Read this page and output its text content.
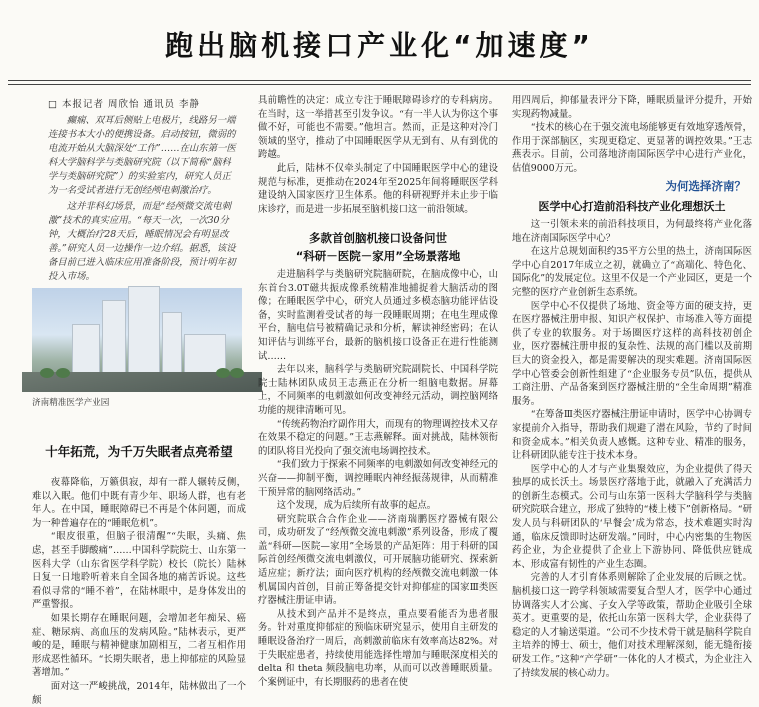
跑出脑机接口产业化“加速度”
□ 本报记者 周欣怡 通讯员 李静

癫痫、双耳后侧贴上电极片，线路另一端连接书本大小的便携设备。启动按钮，微弱的电流开始从大脑深处“工作”……在山东第一医科大学脑科学与类脑研究院（以下简称“脑科学与类脑研究院”）的实验室内，研究人员正为一名受试者进行无创经颅电刺激治疗。

这并非科幻场景，而是“经颅微交流电刺激”技术的真实应用。“每天一次，一次30分钟，大概治疗28天后，睡眠情况会有明显改善。”研究人员一边操作一边介绍。据悉，该设备目前已进入临床应用准备阶段，预计明年初投入市场。

济南精准医学产业园
十年拓荒，为千万失眠者点亮希望

夜幕降临，万籁俱寂，却有一群人辗转反侧，难以入眠。他们中既有青少年、职场人群，也有老年人。在中国，睡眠障碍已不再是个体问题，而成为一种普遍存在的“睡眠危机”。

“眼皮很重，但脑子很清醒”“失眠，头痛、焦虑，甚至手脚酸痛”……中国科学院院士、山东第一医科大学（山东省医学科学院）校长（院长）陆林日复一日地聆听着来自全国各地的痛苦诉说。这些看似寻常的“睡不着”，在陆林眼中，是身体发出的严重警报。

如果长期存在睡眠问题，会增加老年痴呆、癌症、糖尿病、高血压的发病风险。”陆林表示，更严峻的是，睡眠与精神健康加剧相互，二者互相作用形成恶性循环。“长期失眠者，患上抑郁症的风险显著增加。”

面对这一严峻挑战，2014年，陆林做出了一个颇

具前瞻性的决定：成立专注于睡眠障碍诊疗的专科病房。在当时，这一举措甚至引发争议。“有一半人认为你这个事做不好，可能也不需要。”他坦言。然而，正是这种对冷门领域的坚守，推动了中国睡眠医学从无到有、从有到优的跨越。

此后，陆林不仅牵头制定了中国睡眠医学中心的建设规范与标准，更推动在2024年至2025年间将睡眠医学科建设纳入国家医疗卫生体系。他的科研视野并未止步于临床诊疗，而是进一步拓展至脑机接口这一前沿领域。

多款首创脑机接口设备问世
“科研－医院－家用”全场景落地

走进脑科学与类脑研究院脑研院，在脑成像中心，山东首台3.0T磁共振成像系统精准地捕捉着大脑活动的图像；在睡眠医学中心，研究人员通过多模态脑功能评估设备，实时监测着受试者的每一段睡眠周期；在电生理成像平台，脑电信号被精确记录和分析，解读神经密码；在认知评估与训练平台，最新的脑机接口设备正在进行性能测试……

去年以来，脑科学与类脑研究院副院长、中国科学院院士陆林团队成员王志燕正在分析一组脑电数据。屏幕上，不同频率的电刺激如何改变神经元活动，调控脑网络功能的规律清晰可见。

“传统药物治疗副作用大，而现有的物理调控技术又存在效果不稳定的问题。”王志燕解释。面对挑战，陆林领衔的团队将目光投向了强交流电场调控技术。

“我们致力于探索不同频率的电刺激如何改变神经元的兴奋——抑制平衡，调控睡眠内神经振荡规律，从而精准干预异常的脑网络活动。”

这个发现，成为后续所有故事的起点。

研究院联合合作企业——济南瑞鹏医疗器械有限公司，成功研发了“经颅微交流电刺激”系列设备，形成了覆盖“科研—医院—家用”全场景的产品矩阵：用于科研的国际首创经颅微交流电刺激仪，可开展脑功能研究、探索新适应症；新疗法；面向医疗机构的经颅微交流电刺激一体机属国内首创，目前正筹备提交针对抑郁症的国家Ⅲ类医疗器械注册证申请。

从技术到产品并不是终点，重点要看能否为患者服务。针对重度抑郁症的预临床研究显示，使用自主研发的睡眠设备治疗一周后，高刺激前临床有效率高达82%。对于失眠症患者，持续使用能选择性增加与睡眠深度相关的delta 和 theta 频段脑电功率，从而可以改善睡眠质量。个案例证中，有长期服药的患者在使

用四周后，抑郁量表评分下降，睡眠质量评分提升，开始实现药物减量。

“技术的核心在于强交流电场能够更有效地穿透颅骨，作用于深部脑区，实现更稳定、更显著的调控效果。”王志燕表示。目前，公司落地济南国际医学中心进行产业化，估值9000万元。

为何选择济南？
医学中心打造前沿科技产业化理想沃土

这一引领未来的前沿科技项目，为何最终将产业化落地在济南国际医学中心？

在这片总规划面积约35平方公里的热土，济南国际医学中心自2017年成立之初，就确立了“高端化、特色化、国际化”的发展定位。这里不仅是一个产业园区，更是一个完整的医疗产业创新生态系统。

医学中心不仅提供了场地、资金等方面的硬支持，更在医疗器械注册申报、知识产权保护、市场准入等方面提供了专业的软服务。对于场圈医疗这样的高科技初创企业，医疗器械注册申报的复杂性、法规的高门槛以及前期巨大的资金投入，都是需要解决的现实难题。济南国际医学中心管委会创新性组建了“企业服务专员”队伍，提供从工商注册、产品备案到医疗器械注册的“全生命周期”精准服务。

“在筹备Ⅲ类医疗器械注册证申请时，医学中心协调专家提前介入指导，帮助我们规避了潜在风险，节约了时间和资金成本。”相关负责人感慨。这种专业、精准的服务，让科研团队能专注于技术本身。

医学中心的人才与产业集聚效应，为企业提供了得天独厚的成长沃土。场景医疗落地于此，就融入了充满活力的创新生态模式。公司与山东第一医科大学脑科学与类脑研究院联合建立，形成了独特的“楼上楼下”创新格局。“研发人员与科研团队的‘早餐会’成为常态，技术难题实时沟通，临床反馈即时达研发端。”同时，中心内密集的生物医药企业，为企业提供了企业上下游协同、降低供应链成本、形成富有韧性的产业生态圈。

完善的人才引育体系则解除了企业发展的后顾之忧。脑机接口这一跨学科领域需要复合型人才，医学中心通过协调落实人才公寓、子女入学等政策，帮助企业吸引全球英才。更重要的是，依托山东第一医科大学，企业获得了稳定的人才输送渠道。“公司不少技术骨干就是脑科学院自主培养的博士、硕士，他们对技术理解深刻，能无缝衔接研发工作。”这种“产学研”一体化的人才模式，为企业注入了持续发展的核心动力。
